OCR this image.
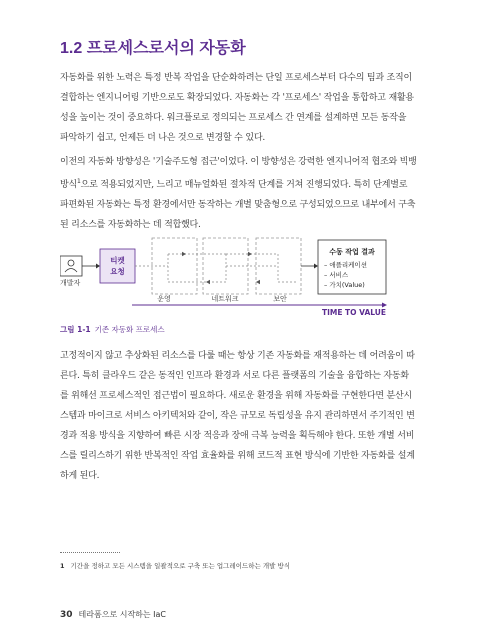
1.2 프로세스로서의 자동화

자동화를 위한 노력은 특정 반복 작업을 단순화하려는 단일 프로세스부터 다수의 팀과 조직이

결합하는 엔지니어링 기반으로도 확장되었다. 자동화는 각 '프로세스' 작업을 통합하고 재활용

성을 높이는 것이 중요하다. 워크플로로 정의되는 프로세스 간 연계를 설계하면 모든 동작을

파악하기 쉽고, 언제든 더 나은 것으로 변경할 수 있다.

이전의 자동화 방향성은 '기술주도형 접근'이었다. 이 방향성은 강력한 엔지니어적 협조와 빅뱅

방식$^1$으로 적용되었지만, 느리고 매뉴얼화된 절차적 단계를 거쳐 진행되었다. 특히 단계별로

파편화된 자동화는 특정 환경에서만 동작하는 개별 맞춤형으로 구성되었으므로 내부에서 구축

된 리소스를 자동화하는 데 적합했다.

개발자
티켓
요청
수동 작업 결과
– 애플리케이션
– 서비스
– 가치(Value)
운영	네트워크	보안
TIME TO VALUE
그림 1-1 기존 자동화 프로세스

고정적이지 않고 추상화된 리소스를 다룰 때는 항상 기존 자동화를 재적용하는 데 어려움이 따

른다. 특히 클라우드 같은 동적인 인프라 환경과 서로 다른 플랫폼의 기술을 융합하는 자동화

를 위해선 프로세스적인 접근법이 필요하다. 새로운 환경을 위해 자동화를 구현한다면 분산시

스템과 마이크로 서비스 아키텍처와 같이, 작은 규모로 독립성을 유지 관리하면서 주기적인 변

경과 적용 방식을 지향하여 빠른 시장 적응과 장애 극복 능력을 획득해야 한다. 또한 개별 서비

스를 릴리스하기 위한 반복적인 작업 효율화를 위해 코드적 표현 방식에 기반한 자동화를 설계

하게 된다.

1 기간을 정하고 모든 시스템을 일괄적으로 구축 또는 업그레이드하는 개발 방식
30 테라폼으로 시작하는 IaC
